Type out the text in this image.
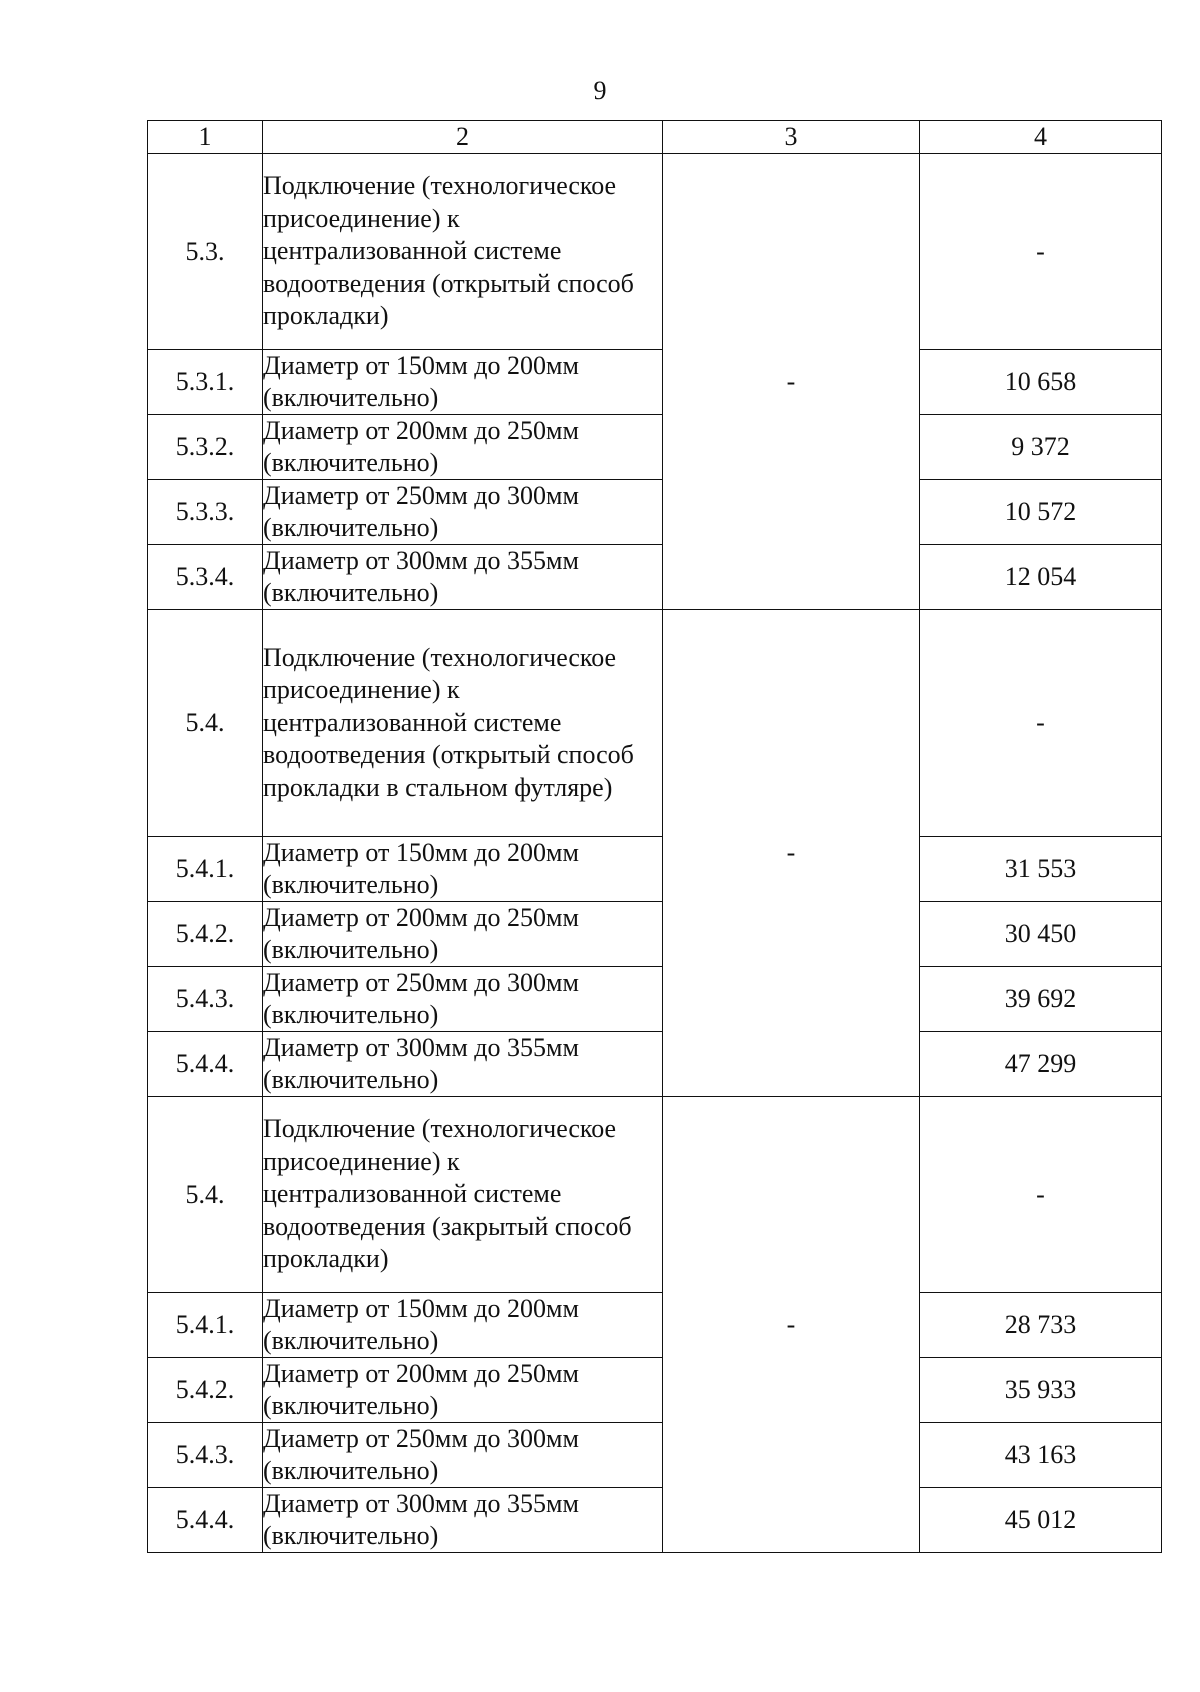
9
1	2	3	4
5.3.	Подключение (технологическое присоединение) к централизованной системе водоотведения (открытый способ прокладки)	-	-
5.3.1.	Диаметр от 150мм до 200мм (включительно)		10 658
5.3.2.	Диаметр от 200мм до 250мм (включительно)		9 372
5.3.3.	Диаметр от 250мм до 300мм (включительно)		10 572
5.3.4.	Диаметр от 300мм до 355мм (включительно)		12 054
5.4.	Подключение (технологическое присоединение) к централизованной системе водоотведения (открытый способ прокладки в стальном футляре)	-	-
5.4.1.	Диаметр от 150мм до 200мм (включительно)		31 553
5.4.2.	Диаметр от 200мм до 250мм (включительно)		30 450
5.4.3.	Диаметр от 250мм до 300мм (включительно)		39 692
5.4.4.	Диаметр от 300мм до 355мм (включительно)		47 299
5.4.	Подключение (технологическое присоединение) к централизованной системе водоотведения (закрытый способ прокладки)	-	-
5.4.1.	Диаметр от 150мм до 200мм (включительно)		28 733
5.4.2.	Диаметр от 200мм до 250мм (включительно)		35 933
5.4.3.	Диаметр от 250мм до 300мм (включительно)		43 163
5.4.4.	Диаметр от 300мм до 355мм (включительно)		45 012
